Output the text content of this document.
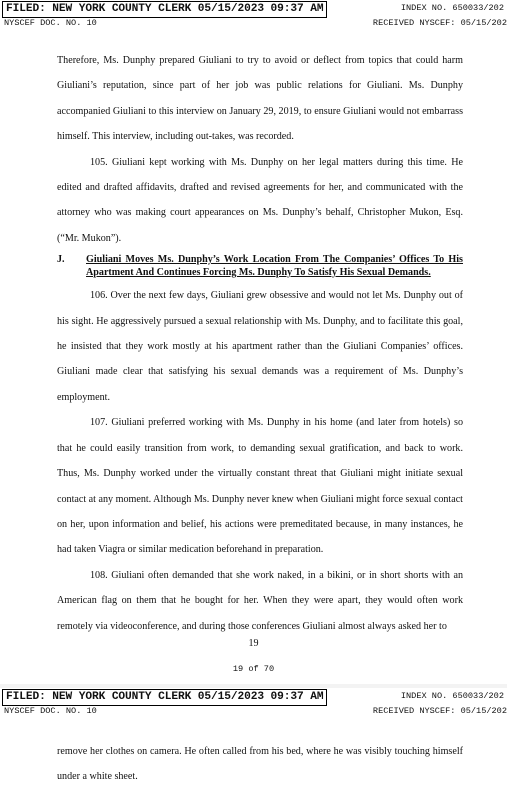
FILED: NEW YORK COUNTY CLERK 05/15/2023 09:37 AM	INDEX NO. 650033/202
NYSCEF DOC. NO. 10	RECEIVED NYSCEF: 05/15/202

Therefore, Ms. Dunphy prepared Giuliani to try to avoid or deflect from topics that could harm Giuliani’s reputation, since part of her job was public relations for Giuliani. Ms. Dunphy accompanied Giuliani to this interview on January 29, 2019, to ensure Giuliani would not embarrass himself. This interview, including out-takes, was recorded.

105. Giuliani kept working with Ms. Dunphy on her legal matters during this time. He edited and drafted affidavits, drafted and revised agreements for her, and communicated with the attorney who was making court appearances on Ms. Dunphy’s behalf, Christopher Mukon, Esq. (“Mr. Mukon”).

J.	Giuliani Moves Ms. Dunphy’s Work Location From The Companies’ Offices To His Apartment And Continues Forcing Ms. Dunphy To Satisfy His Sexual Demands.

106. Over the next few days, Giuliani grew obsessive and would not let Ms. Dunphy out of his sight. He aggressively pursued a sexual relationship with Ms. Dunphy, and to facilitate this goal, he insisted that they work mostly at his apartment rather than the Giuliani Companies’ offices. Giuliani made clear that satisfying his sexual demands was a requirement of Ms. Dunphy’s employment.

107. Giuliani preferred working with Ms. Dunphy in his home (and later from hotels) so that he could easily transition from work, to demanding sexual gratification, and back to work. Thus, Ms. Dunphy worked under the virtually constant threat that Giuliani might initiate sexual contact at any moment. Although Ms. Dunphy never knew when Giuliani might force sexual contact on her, upon information and belief, his actions were premeditated because, in many instances, he had taken Viagra or similar medication beforehand in preparation.

108. Giuliani often demanded that she work naked, in a bikini, or in short shorts with an American flag on them that he bought for her. When they were apart, they would often work remotely via videoconference, and during those conferences Giuliani almost always asked her to

19
19 of 70
FILED: NEW YORK COUNTY CLERK 05/15/2023 09:37 AM	INDEX NO. 650033/202
NYSCEF DOC. NO. 10	RECEIVED NYSCEF: 05/15/202

remove her clothes on camera. He often called from his bed, where he was visibly touching himself under a white sheet.
